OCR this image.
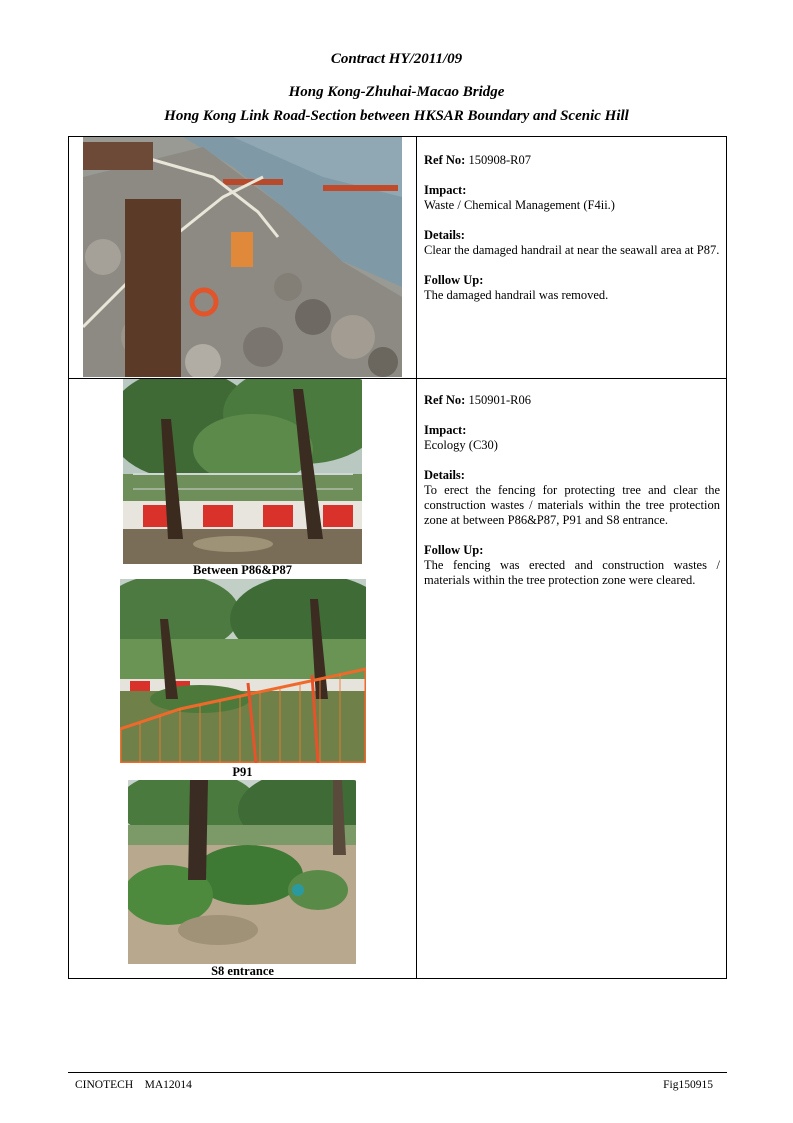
Contract HY/2011/09
Hong Kong-Zhuhai-Macao Bridge
Hong Kong Link Road-Section between HKSAR Boundary and Scenic Hill

Ref No: 150908-R07

Impact:
Waste / Chemical Management (F4ii.)

Details:
Clear the damaged handrail at near the seawall area at P87.

Follow Up:
The damaged handrail was removed.

Between P86&P87
P91
S8 entrance

Ref No: 150901-R06

Impact:
Ecology (C30)

Details:
To erect the fencing for protecting tree and clear the construction wastes / materials within the tree protection zone at between P86&P87, P91 and S8 entrance.

Follow Up:
The fencing was erected and construction wastes / materials within the tree protection zone were cleared.

CINOTECH    MA12014	Fig150915
